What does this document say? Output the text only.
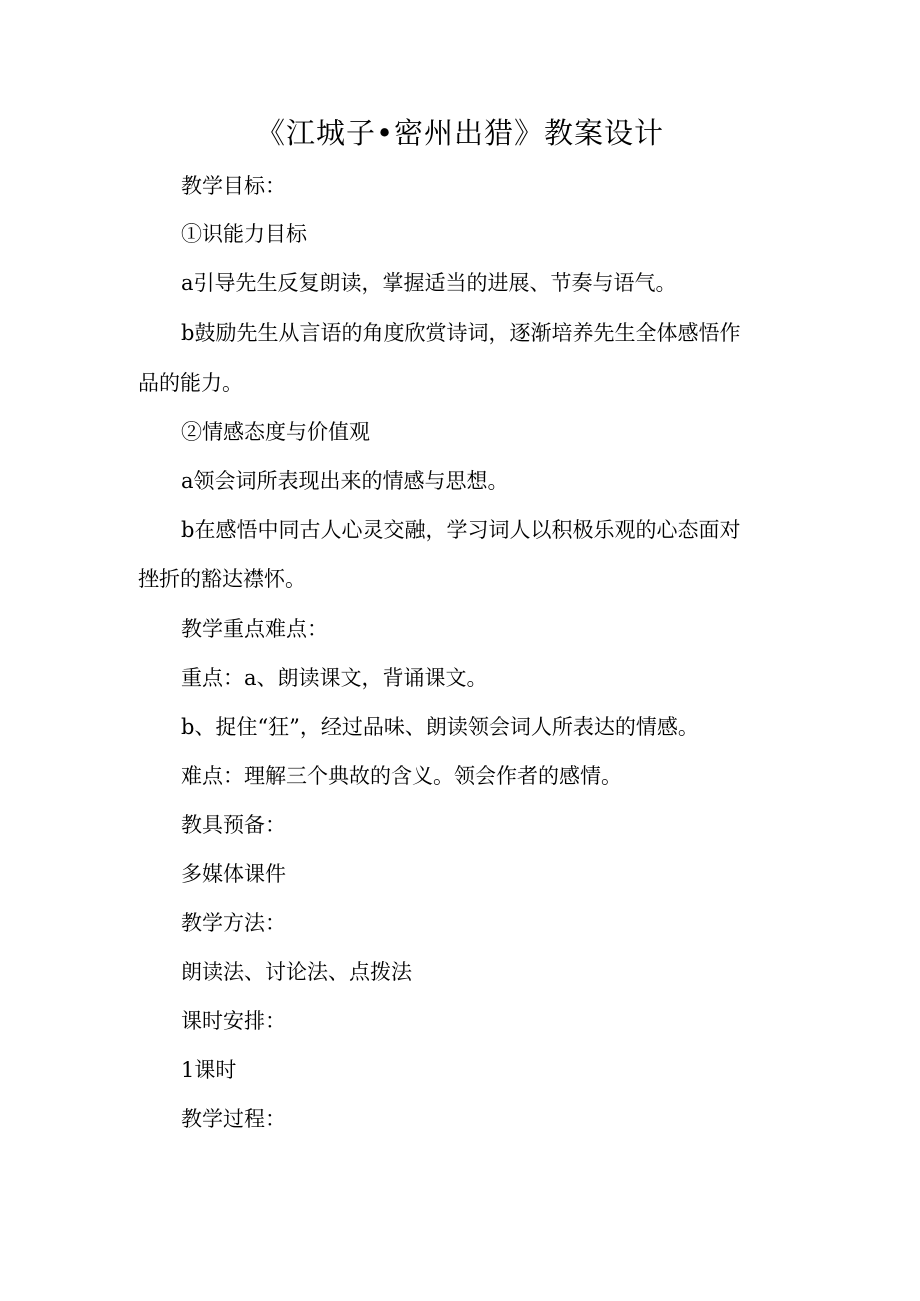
《江城子•密州出猎》教案设计
教学目标：
①识能力目标
a引导先生反复朗读，掌握适当的进展、节奏与语气。
b鼓励先生从言语的角度欣赏诗词，逐渐培养先生全体感悟作
品的能力。
②情感态度与价值观
a领会词所表现出来的情感与思想。
b在感悟中同古人心灵交融，学习词人以积极乐观的心态面对
挫折的豁达襟怀。
教学重点难点：
重点：a、朗读课文，背诵课文。
b、捉住“狂”，经过品味、朗读领会词人所表达的情感。
难点：理解三个典故的含义。领会作者的感情。
教具预备：
多媒体课件
教学方法：
朗读法、讨论法、点拨法
课时安排：
1课时
教学过程：
